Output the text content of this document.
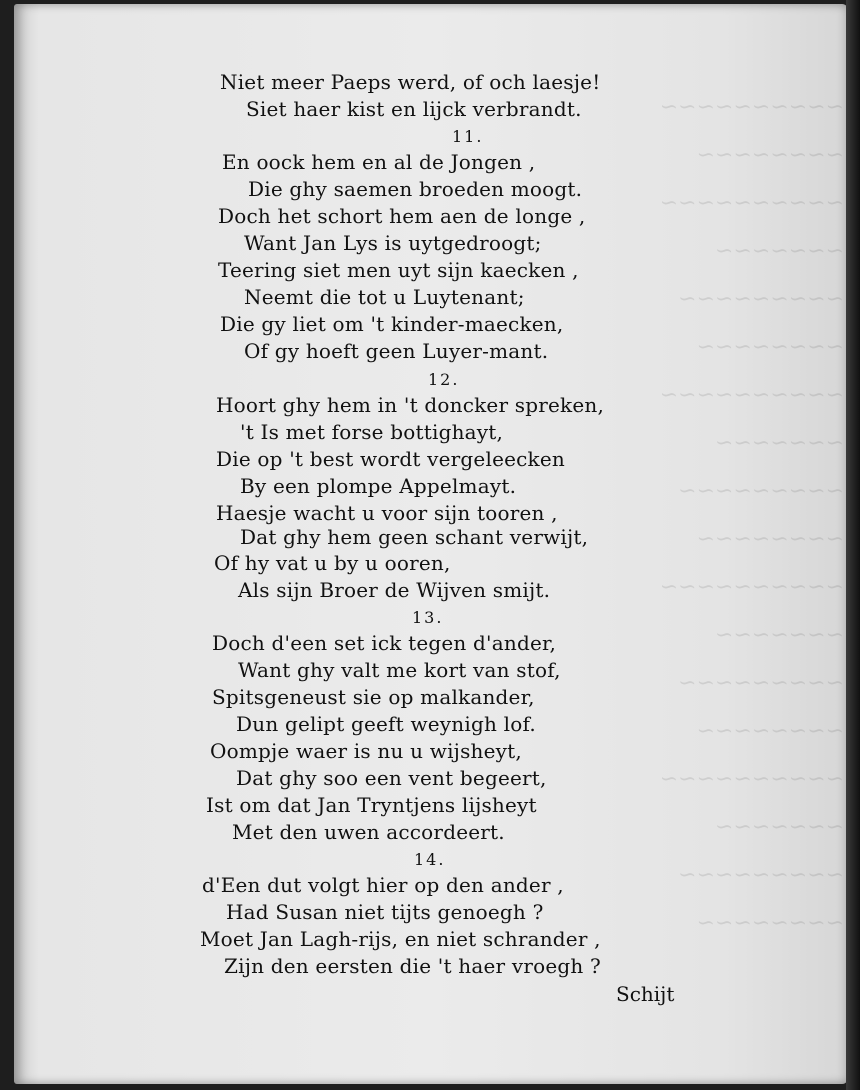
~~~~~~~~~~
~~~~~~~~
~~~~~~~~~~
~~~~~~~
~~~~~~~~~
~~~~~~~~
~~~~~~~~~~
~~~~~~~
~~~~~~~~~
~~~~~~~~
~~~~~~~~~~
~~~~~~~
~~~~~~~~~
~~~~~~~~
~~~~~~~~~~
~~~~~~~
~~~~~~~~~
~~~~~~~~
Niet meer Paeps werd, of och laesje!
Siet haer kist en lijck verbrandt.
En oock hem en al de Jongen ,
Die ghy saemen broeden moogt.
Doch het schort hem aen de longe ,
Want Jan Lys is uytgedroogt;
Teering siet men uyt sijn kaecken ,
Neemt die tot u Luytenant;
Die gy liet om 't kinder-maecken,
Of gy hoeft geen Luyer-mant.
Hoort ghy hem in 't doncker spreken,
't Is met forse bottighayt,
Die op 't best wordt vergeleecken
By een plompe Appelmayt.
Haesje wacht u voor sijn tooren ,
Dat ghy hem geen schant verwijt,
Of hy vat u by u ooren,
Als sijn Broer de Wijven smijt.
Doch d'een set ick tegen d'ander,
Want ghy valt me kort van stof,
Spitsgeneust sie op malkander,
Dun gelipt geeft weynigh lof.
Oompje waer is nu u wijsheyt,
Dat ghy soo een vent begeert,
Ist om dat Jan Tryntjens lijsheyt
Met den uwen accordeert.
d'Een dut volgt hier op den ander ,
Had Susan niet tijts genoegh ?
Moet Jan Lagh-rijs, en niet schrander ,
Zijn den eersten die 't haer vroegh ?
11.
12.
13.
14.
Schijt
